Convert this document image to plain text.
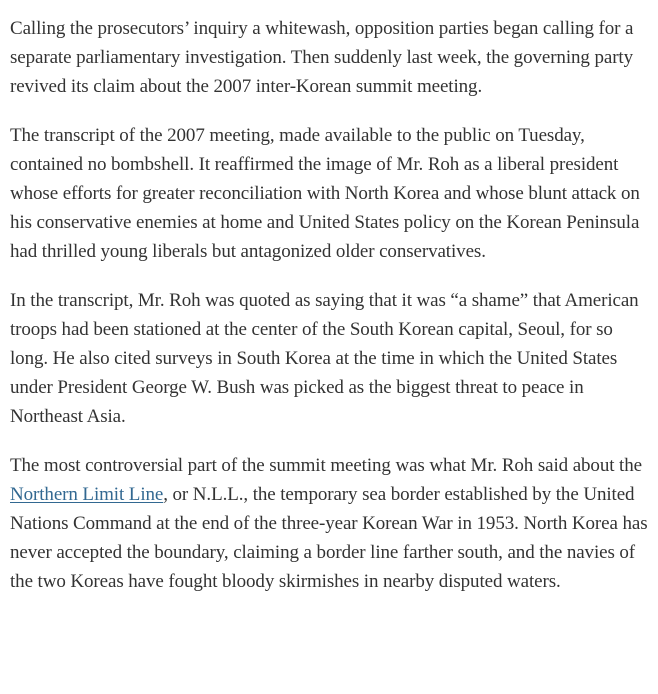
Calling the prosecutors’ inquiry a whitewash, opposition parties began calling for a separate parliamentary investigation. Then suddenly last week, the governing party revived its claim about the 2007 inter-Korean summit meeting.

The transcript of the 2007 meeting, made available to the public on Tuesday, contained no bombshell. It reaffirmed the image of Mr. Roh as a liberal president whose efforts for greater reconciliation with North Korea and whose blunt attack on his conservative enemies at home and United States policy on the Korean Peninsula had thrilled young liberals but antagonized older conservatives.

In the transcript, Mr. Roh was quoted as saying that it was “a shame” that American troops had been stationed at the center of the South Korean capital, Seoul, for so long. He also cited surveys in South Korea at the time in which the United States under President George W. Bush was picked as the biggest threat to peace in Northeast Asia.

The most controversial part of the summit meeting was what Mr. Roh said about the Northern Limit Line, or N.L.L., the temporary sea border established by the United Nations Command at the end of the three-year Korean War in 1953. North Korea has never accepted the boundary, claiming a border line farther south, and the navies of the two Koreas have fought bloody skirmishes in nearby disputed waters.
